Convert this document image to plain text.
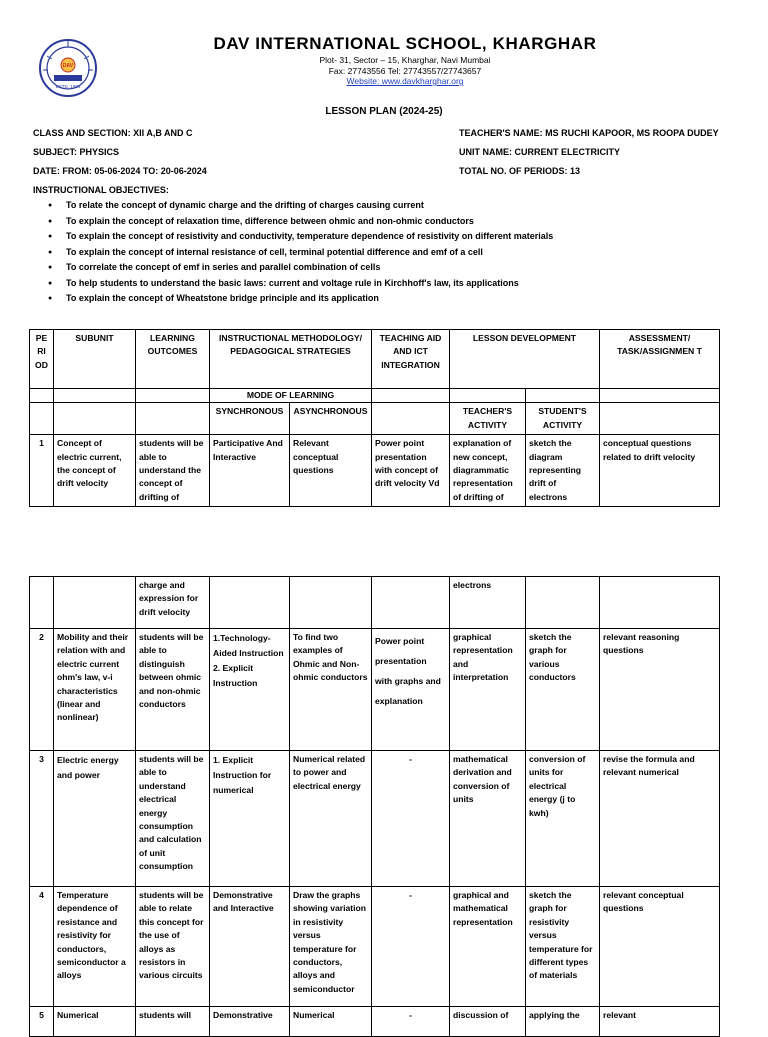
DAV
ESTD. 1986
DAV INTERNATIONAL SCHOOL, KHARGHAR
Plot- 31, Sector – 15, Kharghar, Navi Mumbai
Fax: 27743556 Tel: 27743557/27743657
Website: www.davkharghar.org
LESSON PLAN (2024-25)
CLASS AND SECTION: XII A,B AND C
SUBJECT: PHYSICS
DATE: FROM: 05-06-2024 TO: 20-06-2024
INSTRUCTIONAL OBJECTIVES:
TEACHER'S NAME: MS RUCHI KAPOOR, MS ROOPA DUDEY
UNIT NAME: CURRENT ELECTRICITY
TOTAL NO. OF PERIODS: 13
● To relate the concept of dynamic charge and the drifting of charges causing current
● To explain the concept of relaxation time, difference between ohmic and non-ohmic conductors
● To explain the concept of resistivity and conductivity, temperature dependence of resistivity on different materials
● To explain the concept of internal resistance of cell, terminal potential difference and emf of a cell
● To correlate the concept of emf in series and parallel combination of cells
● To help students to understand the basic laws: current and voltage rule in Kirchhoff's law, its applications
● To explain the concept of Wheatstone bridge principle and its application
PE RI OD	SUBUNIT	LEARNING OUTCOMES	INSTRUCTIONAL METHODOLOGY/ PEDAGOGICAL STRATEGIES		TEACHING AID AND ICT INTEGRATION	LESSON DEVELOPMENT		ASSESSMENT/ TASK/ASSIGNMEN T
			MODE OF LEARNING					
			SYNCHRONOUS	ASYNCHRONOUS		TEACHER'S ACTIVITY	STUDENT'S ACTIVITY	
1	Concept of electric current, the concept of drift velocity	students will be able to understand the concept of drifting of	Participative And Interactive	Relevant conceptual questions	Power point presentation with concept of drift velocity Vd	explanation of new concept, diagrammatic representation of drifting of	sketch the diagram representing drift of electrons	conceptual questions related to drift velocity
		charge and expression for drift velocity				electrons		
2	Mobility and their relation with and electric current ohm's law, v-i characteristics (linear and nonlinear)	students will be able to distinguish between ohmic and non-ohmic conductors	1.Technology-Aided Instruction
2. Explicit Instruction	To find two examples of Ohmic and Non-ohmic conductors	Power point presentation with graphs and explanation	graphical representation and interpretation	sketch the graph for various conductors	relevant reasoning questions
3	Electric energy and power	students will be able to understand electrical energy consumption and calculation of unit consumption	1. Explicit Instruction for numerical	Numerical related to power and electrical energy	-	mathematical derivation and conversion of units	conversion of units for electrical energy (j to kwh)	revise the formula and relevant numerical
4	Temperature dependence of resistance and resistivity for conductors, semiconductor a alloys	students will be able to relate this concept for the use of alloys as resistors in various circuits	Demonstrative and Interactive	Draw the graphs showing variation in resistivity versus temperature for conductors, alloys and semiconductor	-	graphical and mathematical representation	sketch the graph for resistivity versus temperature for different types of materials	relevant conceptual questions
5	Numerical	students will	Demonstrative	Numerical	-	discussion of	applying the	relevant
